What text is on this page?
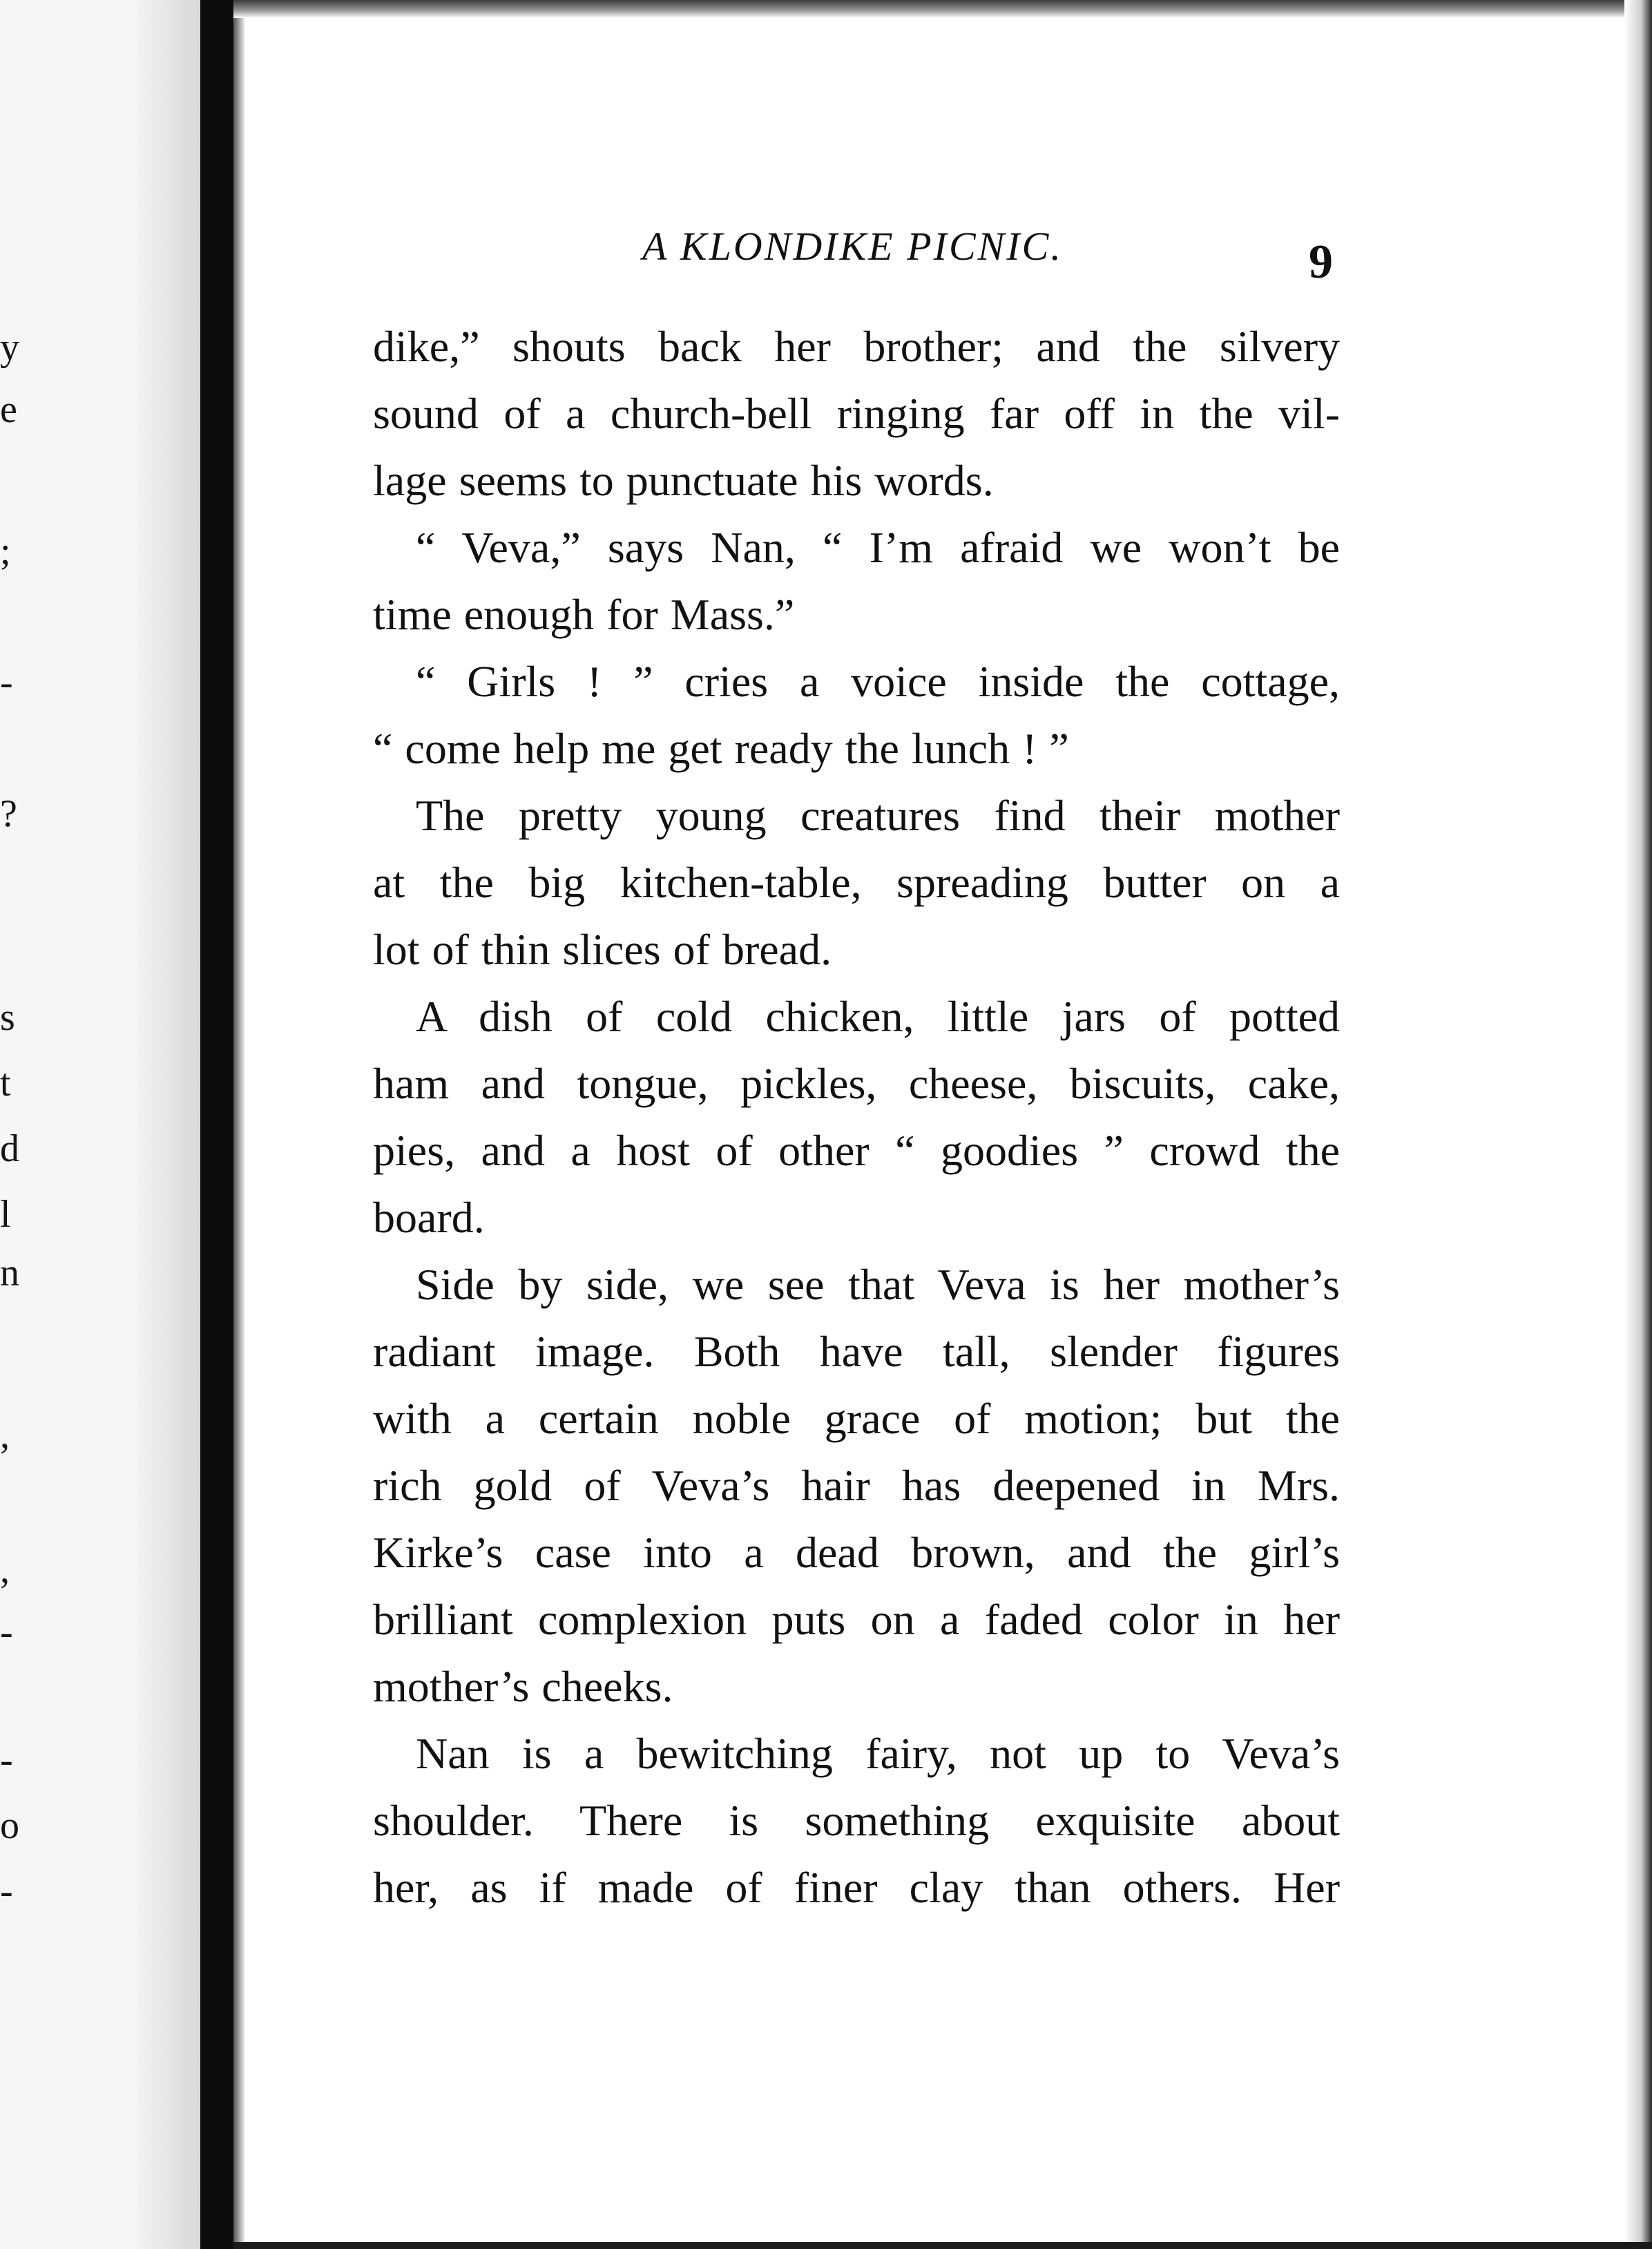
y
e
;
-
?
s
t
d
l
n
,
,
-
-
o
-
A KLONDIKE PICNIC.	9
dike,” shouts back her brother; and the silvery
sound of a church-bell ringing far off in the vil-
lage seems to punctuate his words.
“ Veva,” says Nan, “ I’m afraid we won’t be
time enough for Mass.”
“ Girls ! ” cries a voice inside the cottage,
“ come help me get ready the lunch ! ”
The pretty young creatures find their mother
at the big kitchen-table, spreading butter on a
lot of thin slices of bread.
A dish of cold chicken, little jars of potted
ham and tongue, pickles, cheese, biscuits, cake,
pies, and a host of other “ goodies ” crowd the
board.
Side by side, we see that Veva is her mother’s
radiant image. Both have tall, slender figures
with a certain noble grace of motion; but the
rich gold of Veva’s hair has deepened in Mrs.
Kirke’s case into a dead brown, and the girl’s
brilliant complexion puts on a faded color in her
mother’s cheeks.
Nan is a bewitching fairy, not up to Veva’s
shoulder. There is something exquisite about
her, as if made of finer clay than others. Her
